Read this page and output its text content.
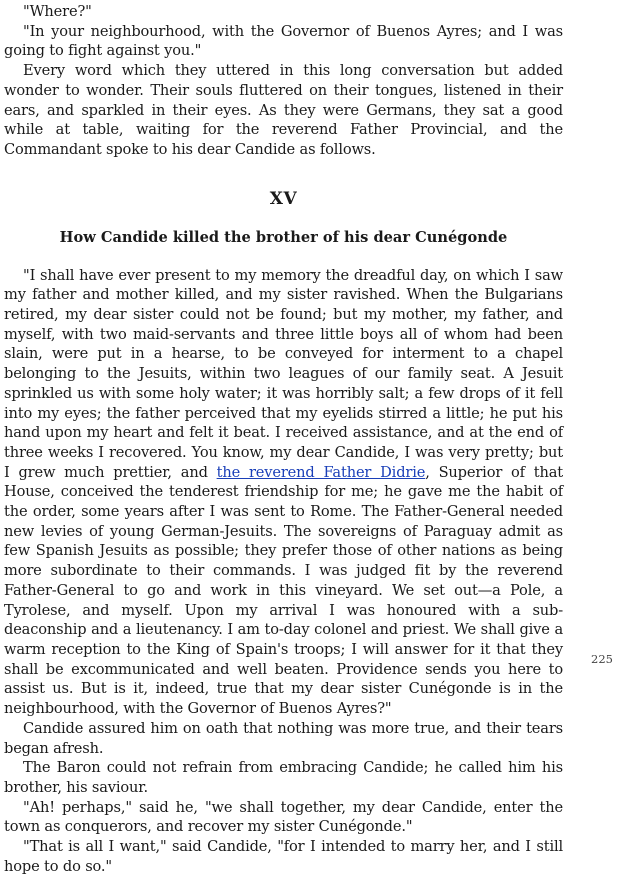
"Where?"

"In your neighbourhood, with the Governor of Buenos Ayres; and I was going to fight against you."

Every word which they uttered in this long conversation but added wonder to wonder. Their souls fluttered on their tongues, listened in their ears, and sparkled in their eyes. As they were Germans, they sat a good while at table, waiting for the reverend Father Provincial, and the Commandant spoke to his dear Candide as follows.

XV
How Candide killed the brother of his dear Cunégonde

"I shall have ever present to my memory the dreadful day, on which I saw my father and mother killed, and my sister ravished. When the Bulgarians retired, my dear sister could not be found; but my mother, my father, and myself, with two maid-servants and three little boys all of whom had been slain, were put in a hearse, to be conveyed for interment to a chapel belonging to the Jesuits, within two leagues of our family seat. A Jesuit sprinkled us with some holy water; it was horribly salt; a few drops of it fell into my eyes; the father perceived that my eyelids stirred a little; he put his hand upon my heart and felt it beat. I received assistance, and at the end of three weeks I recovered. You know, my dear Candide, I was very pretty; but I grew much prettier, and the reverend Father Didrie, Superior of that House, conceived the tenderest friendship for me; he gave me the habit of the order, some years after I was sent to Rome. The Father-General needed new levies of young German-Jesuits. The sovereigns of Paraguay admit as few Spanish Jesuits as possible; they prefer those of other nations as being more subordinate to their commands. I was judged fit by the reverend Father-General to go and work in this vineyard. We set out—a Pole, a Tyrolese, and myself. Upon my arrival I was honoured with a sub-deaconship and a lieutenancy. I am to-day colonel and priest. We shall give a warm reception to the King of Spain's troops; I will answer for it that they shall be excommunicated and well beaten. Providence sends you here to assist us. But is it, indeed, true that my dear sister Cunégonde is in the neighbourhood, with the Governor of Buenos Ayres?"

Candide assured him on oath that nothing was more true, and their tears began afresh.

The Baron could not refrain from embracing Candide; he called him his brother, his saviour.

"Ah! perhaps," said he, "we shall together, my dear Candide, enter the town as conquerors, and recover my sister Cunégonde."

"That is all I want," said Candide, "for I intended to marry her, and I still hope to do so."

225
